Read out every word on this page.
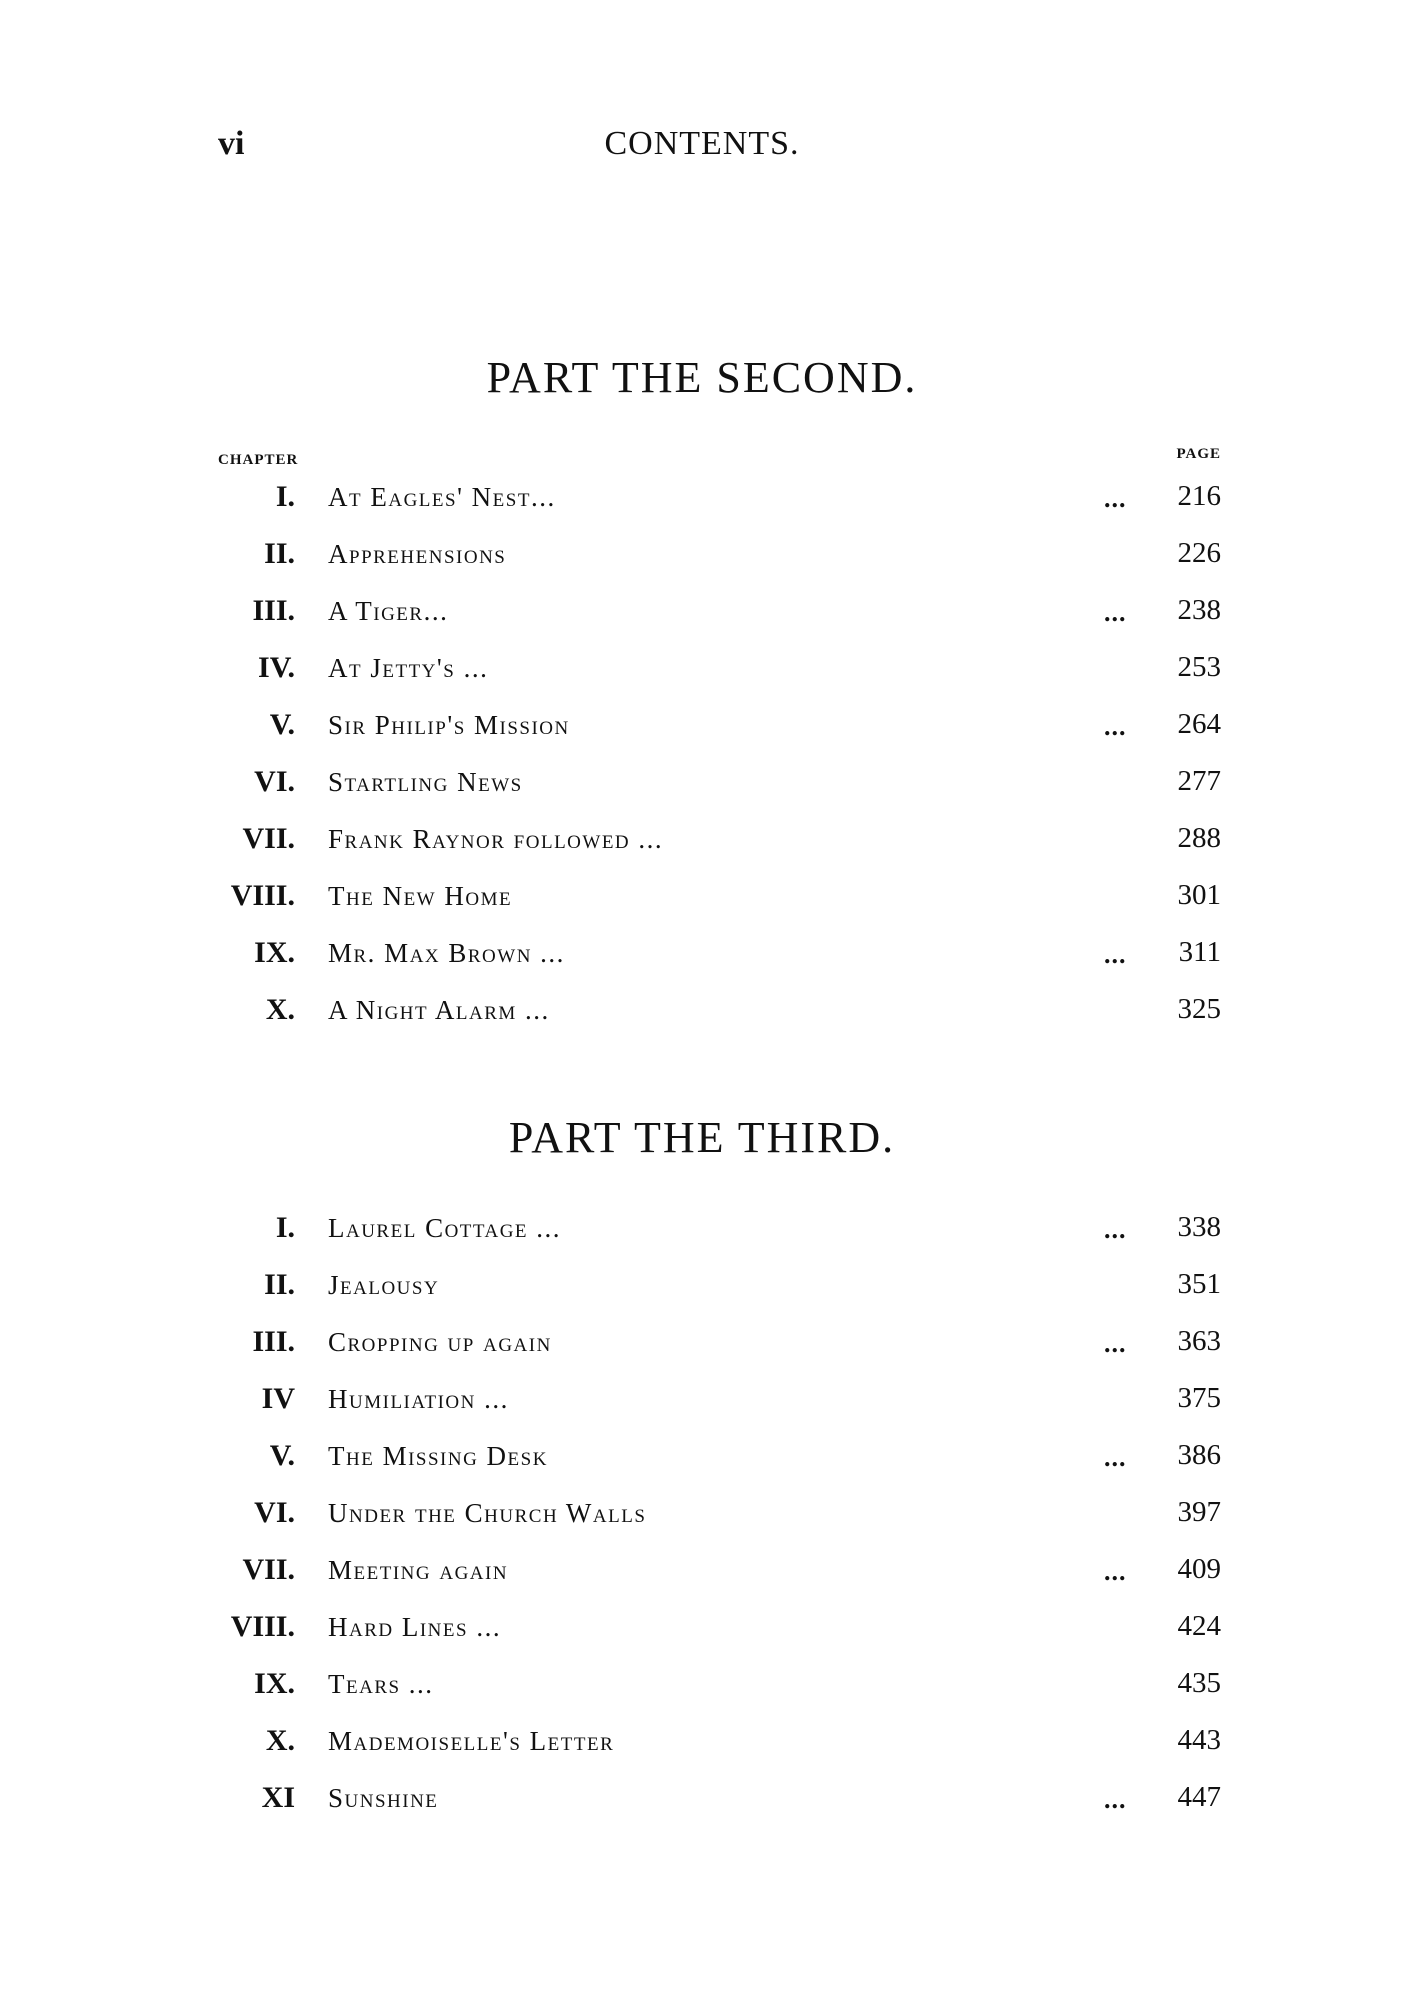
vi	CONTENTS.
PART THE SECOND.
CHAPTER	PAGE
I. At Eagles' Nest...	... 216
II. Apprehensions	226
III. A Tiger...	... 238
IV. At Jetty's ...	253
V. Sir Philip's Mission	... 264
VI. Startling News	277
VII. Frank Raynor followed ...	288
VIII. The New Home	301
IX. Mr. Max Brown ...	... 311
X. A Night Alarm ...	325
PART THE THIRD.
I. Laurel Cottage ...	... 338
II. Jealousy	351
III. Cropping up again	... 363
IV Humiliation ...	375
V. The Missing Desk	... 386
VI. Under the Church Walls	397
VII. Meeting again	... 409
VIII. Hard Lines ...	424
IX. Tears ...	435
X. Mademoiselle's Letter	443
XI Sunshine	... 447
